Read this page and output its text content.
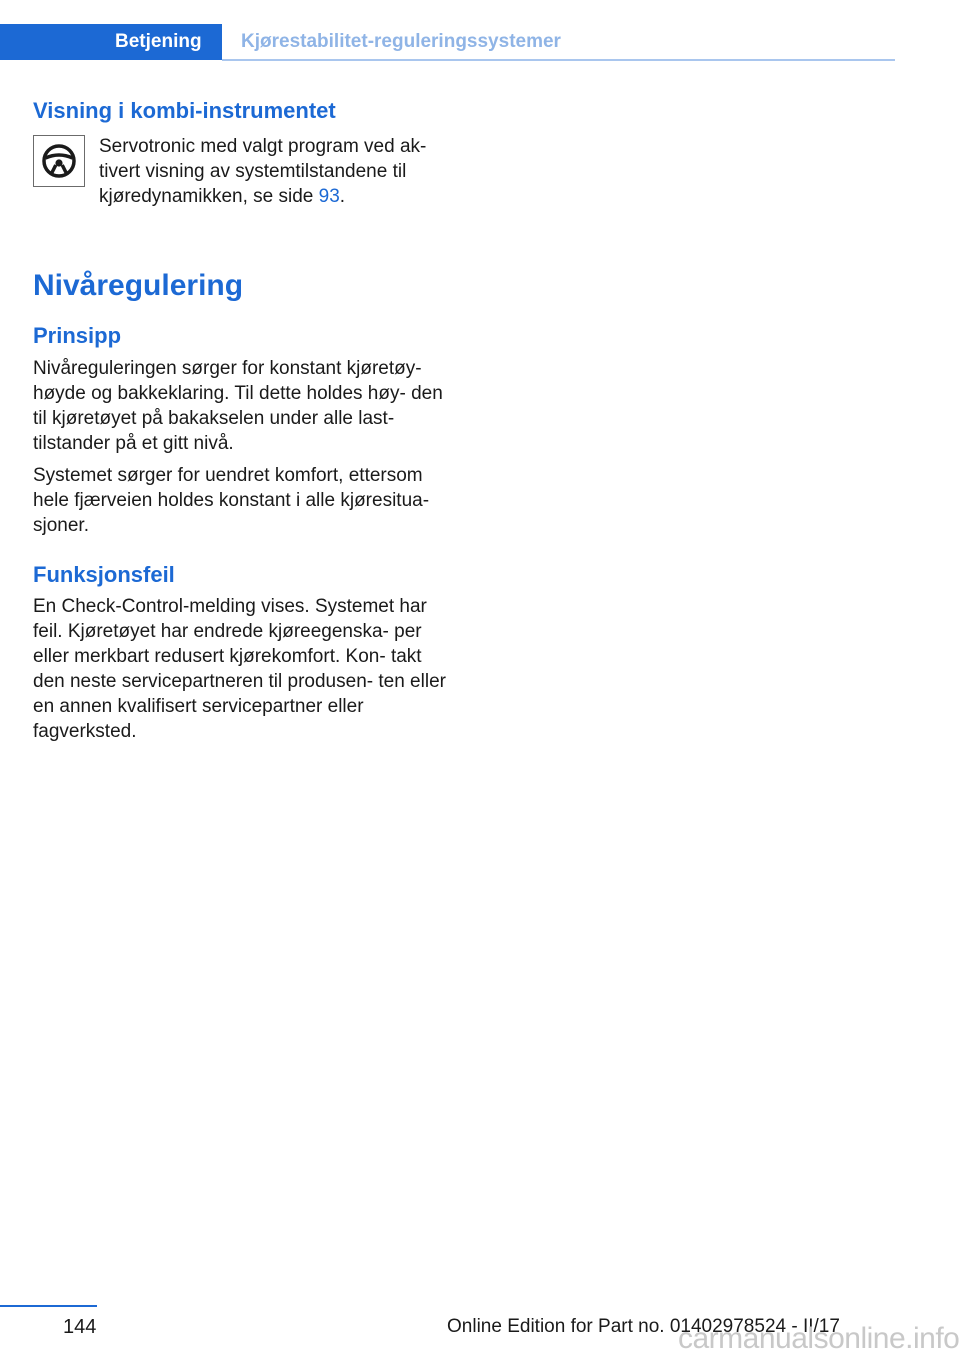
Betjening	Kjørestabilitet-reguleringssystemer
Visning i kombi-instrumentet

Servotronic med valgt program ved ak‐ tivert visning av systemtilstandene til kjøredynamikken, se side 93.

Nivåregulering
Prinsipp

Nivåreguleringen sørger for konstant kjøretøy‐ høyde og bakkeklaring. Til dette holdes høy‐ den til kjøretøyet på bakakselen under alle last‐ tilstander på et gitt nivå.

Systemet sørger for uendret komfort, ettersom hele fjærveien holdes konstant i alle kjøresitua‐ sjoner.

Funksjonsfeil

En Check-Control-melding vises. Systemet har feil. Kjøretøyet har endrede kjøreegenska‐ per eller merkbart redusert kjørekomfort. Kon‐ takt den neste servicepartneren til produsen‐ ten eller en annen kvalifisert servicepartner eller fagverksted.

144	Online Edition for Part no. 01402978524 - II/17
carmanualsonline.info
